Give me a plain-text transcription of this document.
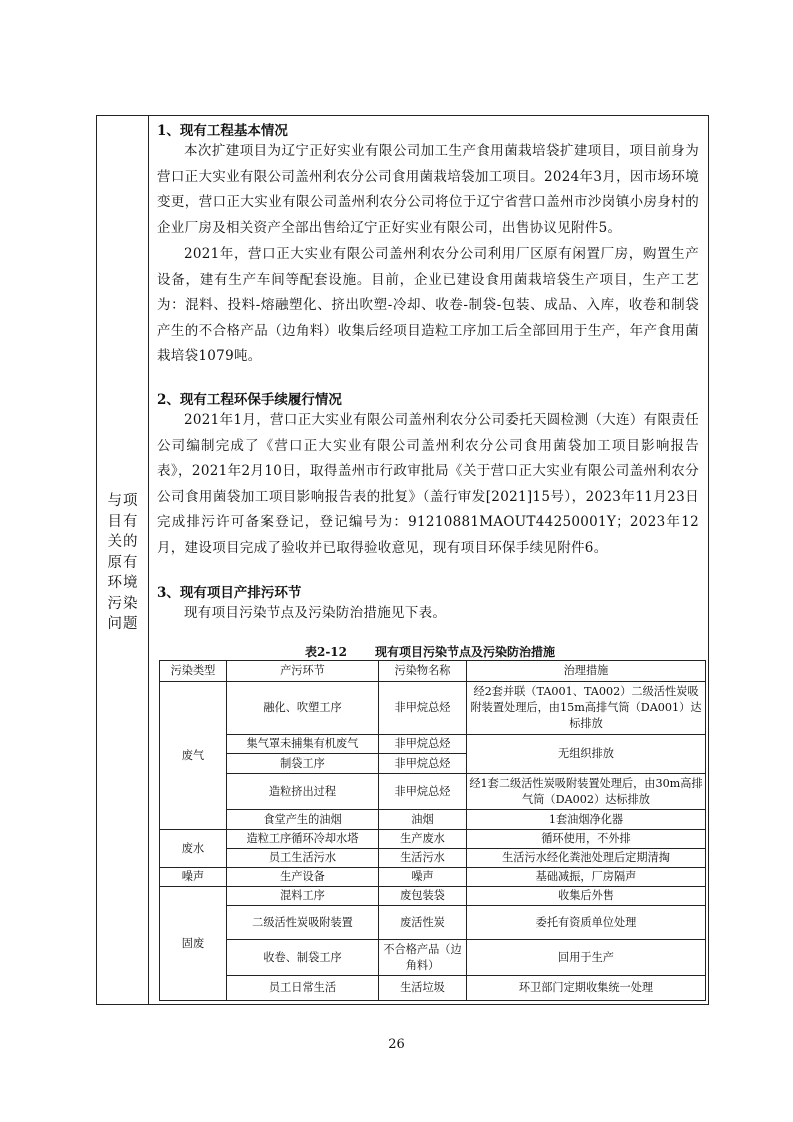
与项目有关的原有环境污染问题
1、现有工程基本情况
本次扩建项目为辽宁正好实业有限公司加工生产食用菌栽培袋扩建项目，项目前身为营口正大实业有限公司盖州利农分公司食用菌栽培袋加工项目。2024年3月，因市场环境变更，营口正大实业有限公司盖州利农分公司将位于辽宁省营口盖州市沙岗镇小房身村的企业厂房及相关资产全部出售给辽宁正好实业有限公司，出售协议见附件5。
2021年，营口正大实业有限公司盖州利农分公司利用厂区原有闲置厂房，购置生产设备，建有生产车间等配套设施。目前，企业已建设食用菌栽培袋生产项目，生产工艺为：混料、投料-熔融塑化、挤出吹塑-冷却、收卷-制袋-包装、成品、入库，收卷和制袋产生的不合格产品（边角料）收集后经项目造粒工序加工后全部回用于生产，年产食用菌栽培袋1079吨。
2、现有工程环保手续履行情况
2021年1月，营口正大实业有限公司盖州利农分公司委托天圆检测（大连）有限责任公司编制完成了《营口正大实业有限公司盖州利农分公司食用菌袋加工项目影响报告表》，2021年2月10日，取得盖州市行政审批局《关于营口正大实业有限公司盖州利农分公司食用菌袋加工项目影响报告表的批复》（盖行审发[2021]15号），2023年11月23日完成排污许可备案登记，登记编号为：91210881MAOUT44250001Y；2023年12月，建设项目完成了验收并已取得验收意见，现有项目环保手续见附件6。
3、现有项目产排污环节
现有项目污染节点及污染防治措施见下表。
表2-12 现有项目污染节点及污染防治措施
污染类型	产污环节	污染物名称	治理措施
废气	融化、吹塑工序	非甲烷总烃	经2套并联（TA001、TA002）二级活性炭吸附装置处理后，由15m高排气筒（DA001）达标排放
	集气罩未捕集有机废气	非甲烷总烃	无组织排放
	制袋工序	非甲烷总烃	
	造粒挤出过程	非甲烷总烃	经1套二级活性炭吸附装置处理后，由30m高排气筒（DA002）达标排放
	食堂产生的油烟	油烟	1套油烟净化器
废水	造粒工序循环冷却水塔	生产废水	循环使用，不外排
	员工生活污水	生活污水	生活污水经化粪池处理后定期清掏
噪声	生产设备	噪声	基础减振，厂房隔声
固废	混料工序	废包装袋	收集后外售
	二级活性炭吸附装置	废活性炭	委托有资质单位处理
	收卷、制袋工序	不合格产品（边角料）	回用于生产
	员工日常生活	生活垃圾	环卫部门定期收集统一处理
26
